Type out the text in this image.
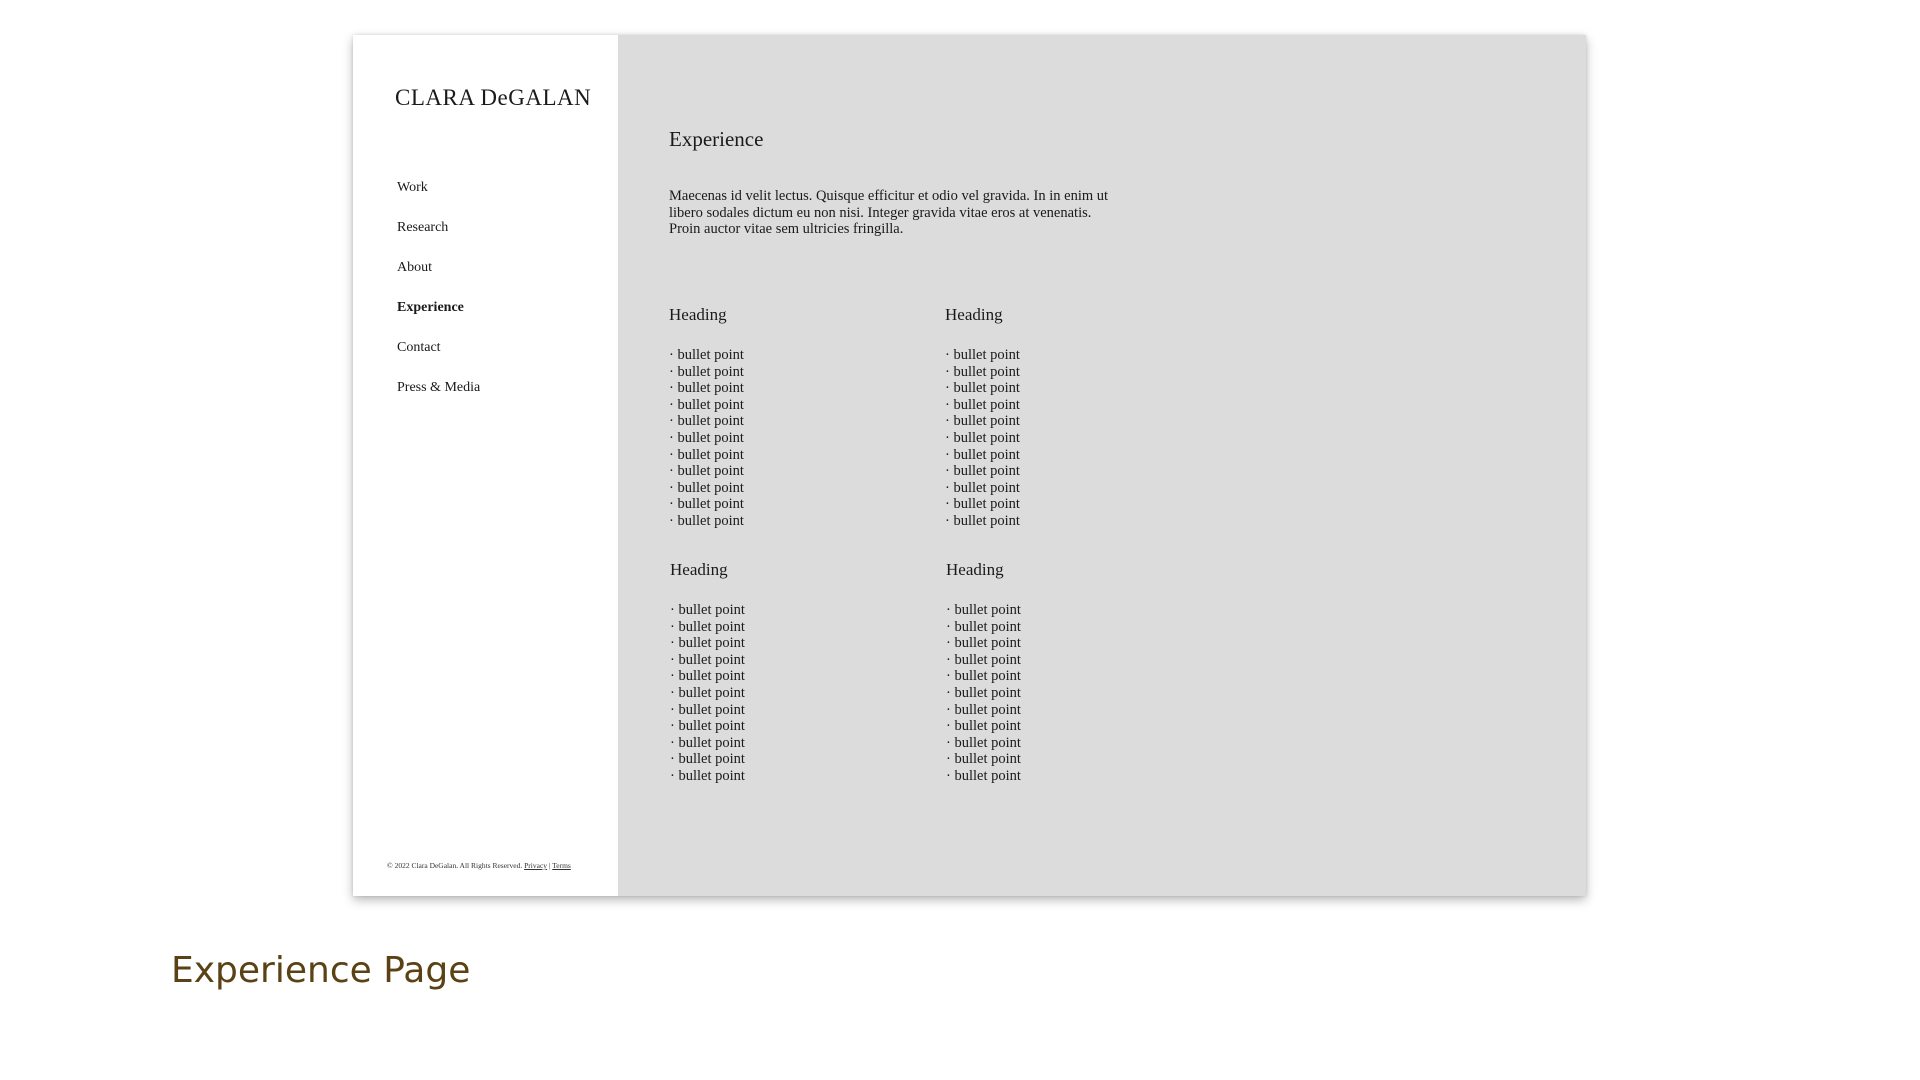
CLARA DeGALAN
Work
Research
About
Experience
Contact
Press & Media
© 2022 Clara DeGalan. All Rights Reserved. Privacy | Terms
Experience

Maecenas id velit lectus. Quisque efficitur et odio vel gravida. In in enim ut libero sodales dictum eu non nisi. Integer gravida vitae eros at venenatis. Proin auctor vitae sem ultricies fringilla.

Heading
· bullet point
· bullet point
· bullet point
· bullet point
· bullet point
· bullet point
· bullet point
· bullet point
· bullet point
· bullet point
· bullet point
Heading
· bullet point
· bullet point
· bullet point
· bullet point
· bullet point
· bullet point
· bullet point
· bullet point
· bullet point
· bullet point
· bullet point
Heading
· bullet point
· bullet point
· bullet point
· bullet point
· bullet point
· bullet point
· bullet point
· bullet point
· bullet point
· bullet point
· bullet point
Heading
· bullet point
· bullet point
· bullet point
· bullet point
· bullet point
· bullet point
· bullet point
· bullet point
· bullet point
· bullet point
· bullet point
Experience Page
